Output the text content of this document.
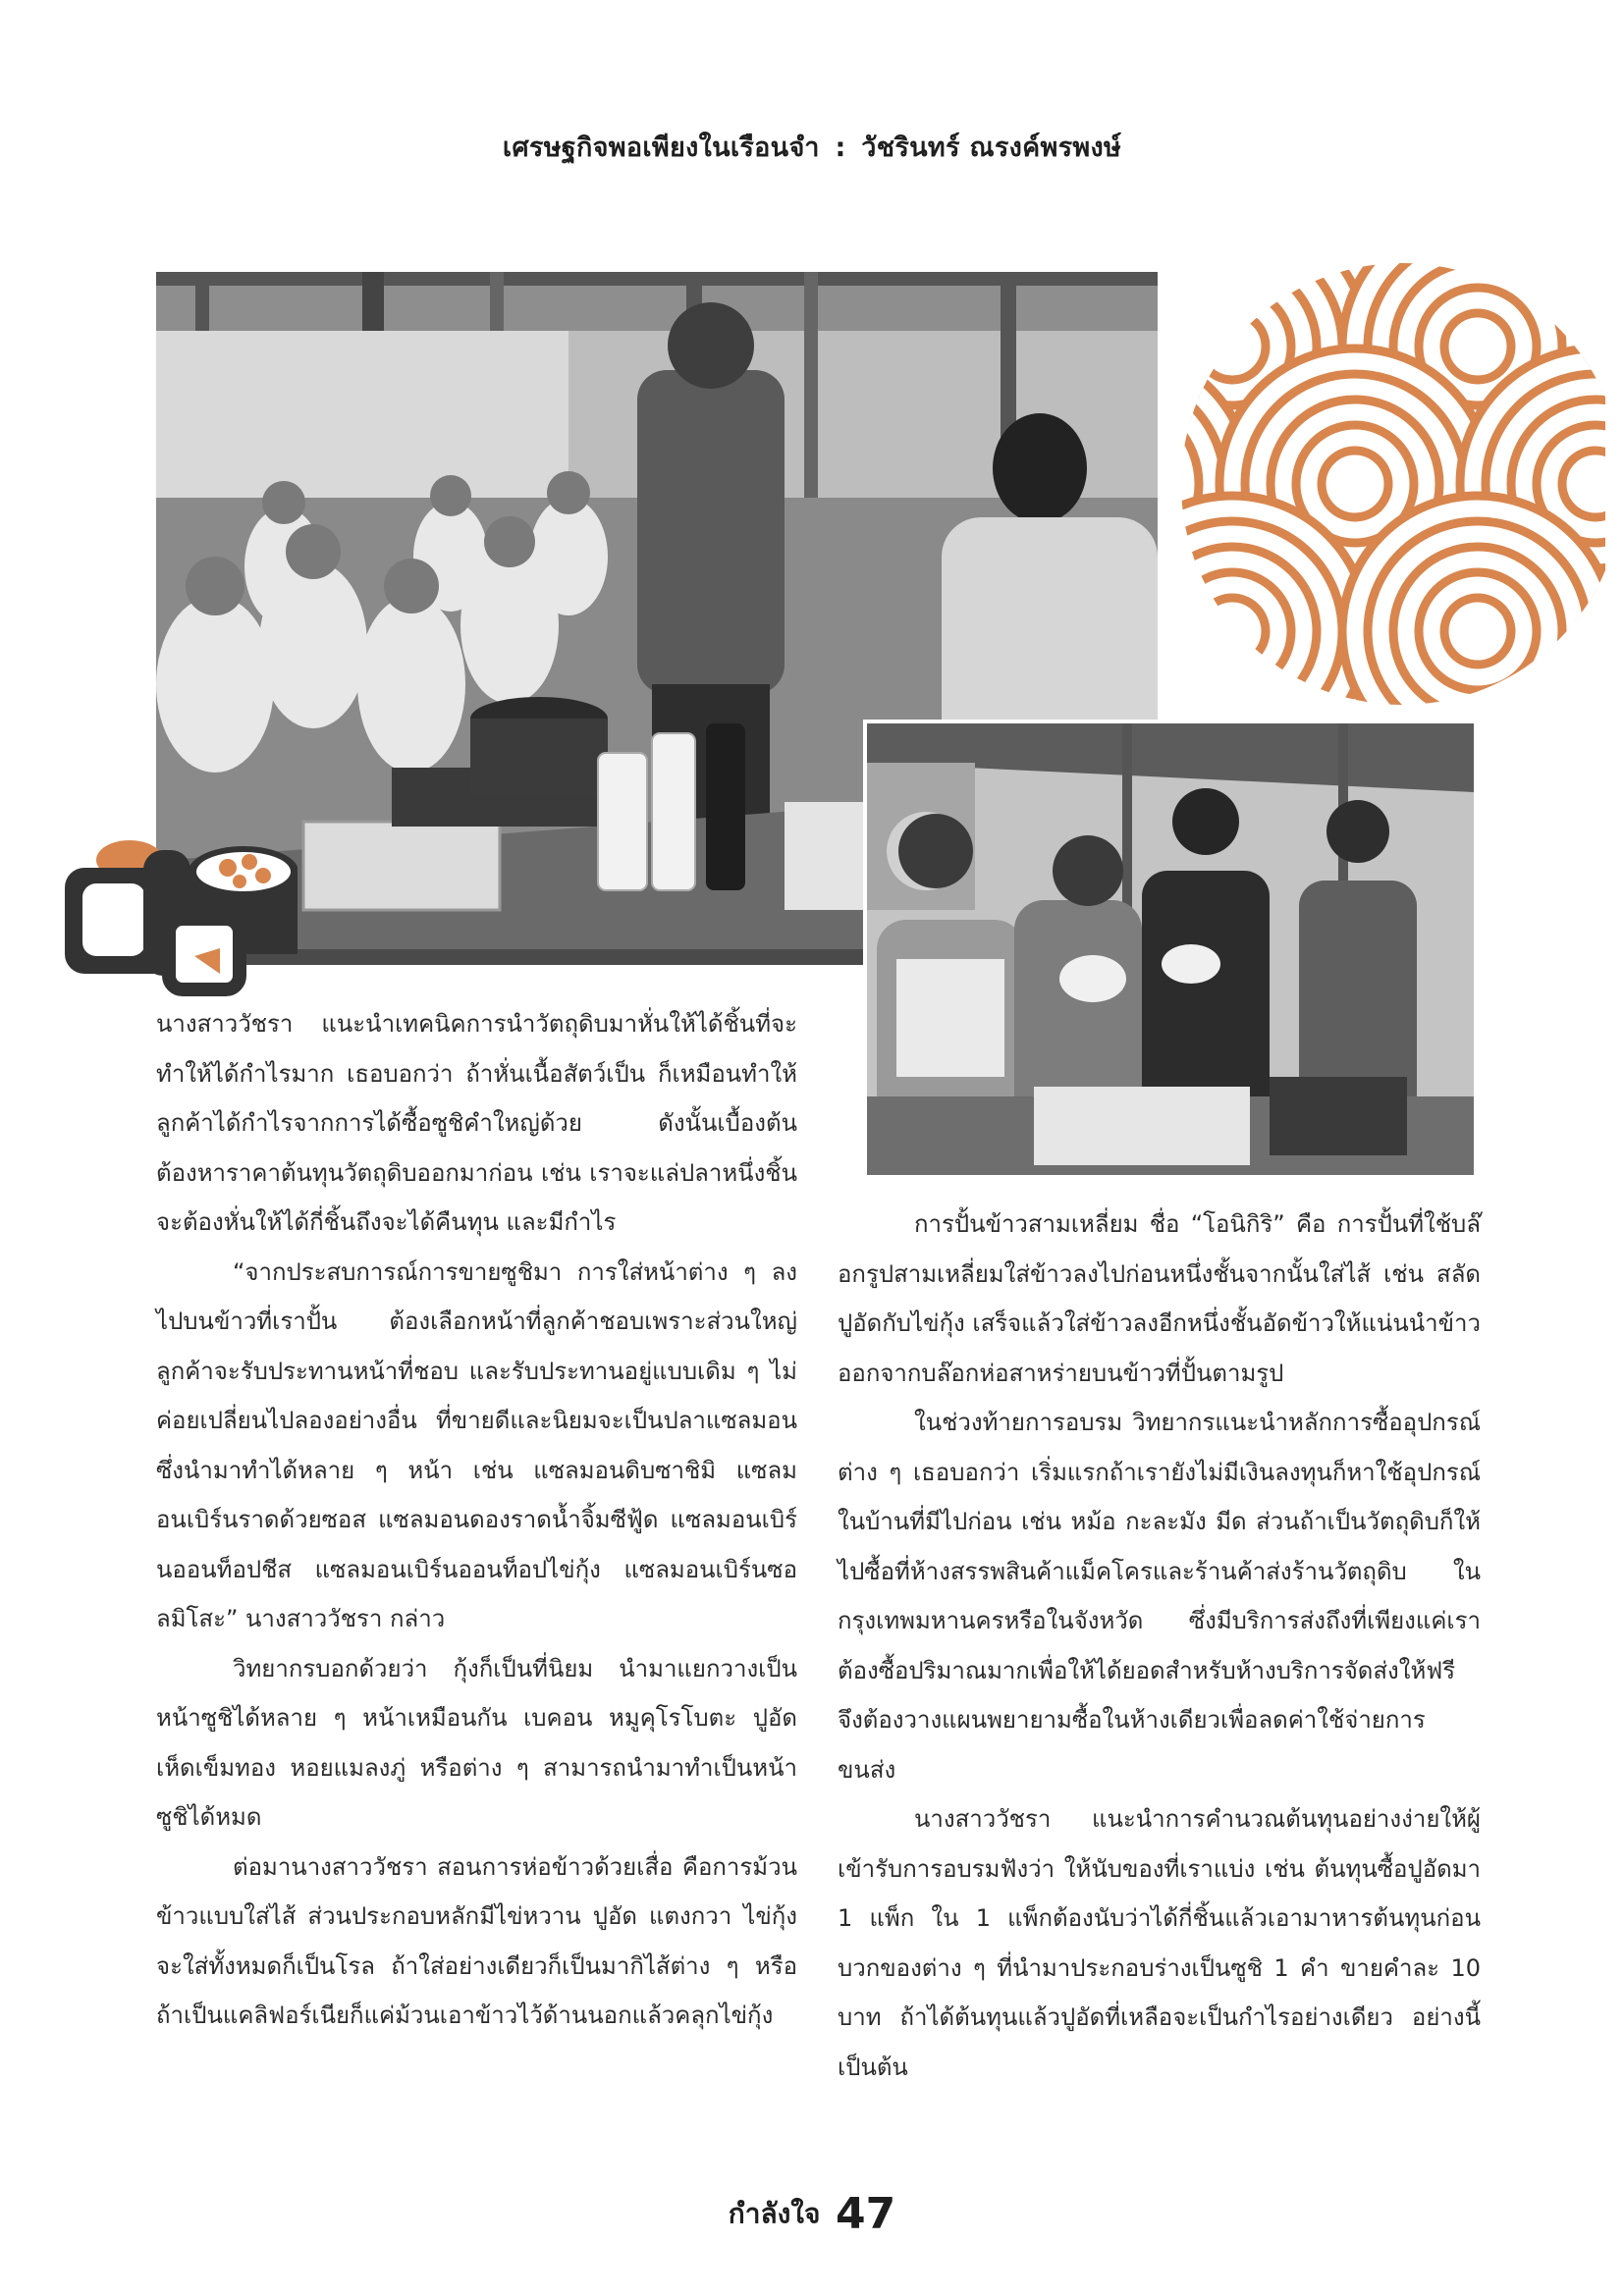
เศรษฐกิจพอเพียงในเรือนจำ : วัชรินทร์ ณรงค์พรพงษ์

นางสาววัชรา แนะนำเทคนิคการนำวัตถุดิบมาหั่นให้ได้ชิ้นที่จะทำให้ได้กำไรมาก เธอบอกว่า ถ้าหั่นเนื้อสัตว์เป็น ก็เหมือนทำให้ลูกค้าได้กำไรจากการได้ซื้อซูชิคำใหญ่ด้วย ดังนั้นเบื้องต้นต้องหาราคาต้นทุนวัตถุดิบออกมาก่อน เช่น เราจะแล่ปลาหนึ่งชิ้นจะต้องหั่นให้ได้กี่ชิ้นถึงจะได้คืนทุน และมีกำไร

“จากประสบการณ์การขายซูชิมา การใส่หน้าต่าง ๆ ลงไปบนข้าวที่เราปั้น ต้องเลือกหน้าที่ลูกค้าชอบเพราะส่วนใหญ่ลูกค้าจะรับประทานหน้าที่ชอบ และรับประทานอยู่แบบเดิม ๆ ไม่ค่อยเปลี่ยนไปลองอย่างอื่น ที่ขายดีและนิยมจะเป็นปลาแซลมอน ซึ่งนำมาทำได้หลาย ๆ หน้า เช่น แซลมอนดิบซาชิมิ แซลมอนเบิร์นราดด้วยซอส แซลมอนดองราดน้ำจิ้มซีฟู้ด แซลมอนเบิร์นออนท็อปชีส แซลมอนเบิร์นออนท็อปไข่กุ้ง แซลมอนเบิร์นซอลมิโสะ” นางสาววัชรา กล่าว

วิทยากรบอกด้วยว่า กุ้งก็เป็นที่นิยม นำมาแยกวางเป็นหน้าซูชิได้หลาย ๆ หน้าเหมือนกัน เบคอน หมูคุโรโบตะ ปูอัด เห็ดเข็มทอง หอยแมลงภู่ หรือต่าง ๆ สามารถนำมาทำเป็นหน้าซูชิได้หมด

ต่อมานางสาววัชรา สอนการห่อข้าวด้วยเสื่อ คือการม้วนข้าวแบบใส่ไส้ ส่วนประกอบหลักมีไข่หวาน ปูอัด แตงกวา ไข่กุ้ง จะใส่ทั้งหมดก็เป็นโรล ถ้าใส่อย่างเดียวก็เป็นมากิไส้ต่าง ๆ หรือถ้าเป็นแคลิฟอร์เนียก็แค่ม้วนเอาข้าวไว้ด้านนอกแล้วคลุกไข่กุ้ง

การปั้นข้าวสามเหลี่ยม ชื่อ “โอนิกิริ” คือ การปั้นที่ใช้บล๊อกรูปสามเหลี่ยมใส่ข้าวลงไปก่อนหนึ่งชั้นจากนั้นใส่ไส้ เช่น สลัดปูอัดกับไข่กุ้ง เสร็จแล้วใส่ข้าวลงอีกหนึ่งชั้นอัดข้าวให้แน่นนำข้าวออกจากบล๊อกห่อสาหร่ายบนข้าวที่ปั้นตามรูป

ในช่วงท้ายการอบรม วิทยากรแนะนำหลักการซื้ออุปกรณ์ต่าง ๆ เธอบอกว่า เริ่มแรกถ้าเรายังไม่มีเงินลงทุนก็หาใช้อุปกรณ์ในบ้านที่มีไปก่อน เช่น หม้อ กะละมัง มีด ส่วนถ้าเป็นวัตถุดิบก็ให้ไปซื้อที่ห้างสรรพสินค้าแม็คโครและร้านค้าส่งร้านวัตถุดิบ ในกรุงเทพมหานครหรือในจังหวัด ซึ่งมีบริการส่งถึงที่เพียงแค่เราต้องซื้อปริมาณมากเพื่อให้ได้ยอดสำหรับห้างบริการจัดส่งให้ฟรี จึงต้องวางแผนพยายามซื้อในห้างเดียวเพื่อลดค่าใช้จ่ายการขนส่ง

นางสาววัชรา แนะนำการคำนวณต้นทุนอย่างง่ายให้ผู้เข้ารับการอบรมฟังว่า ให้นับของที่เราแบ่ง เช่น ต้นทุนซื้อปูอัดมา 1 แพ็ก ใน 1 แพ็กต้องนับว่าได้กี่ชิ้นแล้วเอามาหารต้นทุนก่อนบวกของต่าง ๆ ที่นำมาประกอบร่างเป็นซูชิ 1 คำ ขายคำละ 10 บาท ถ้าได้ต้นทุนแล้วปูอัดที่เหลือจะเป็นกำไรอย่างเดียว อย่างนี้เป็นต้น

กำลังใจ 47
